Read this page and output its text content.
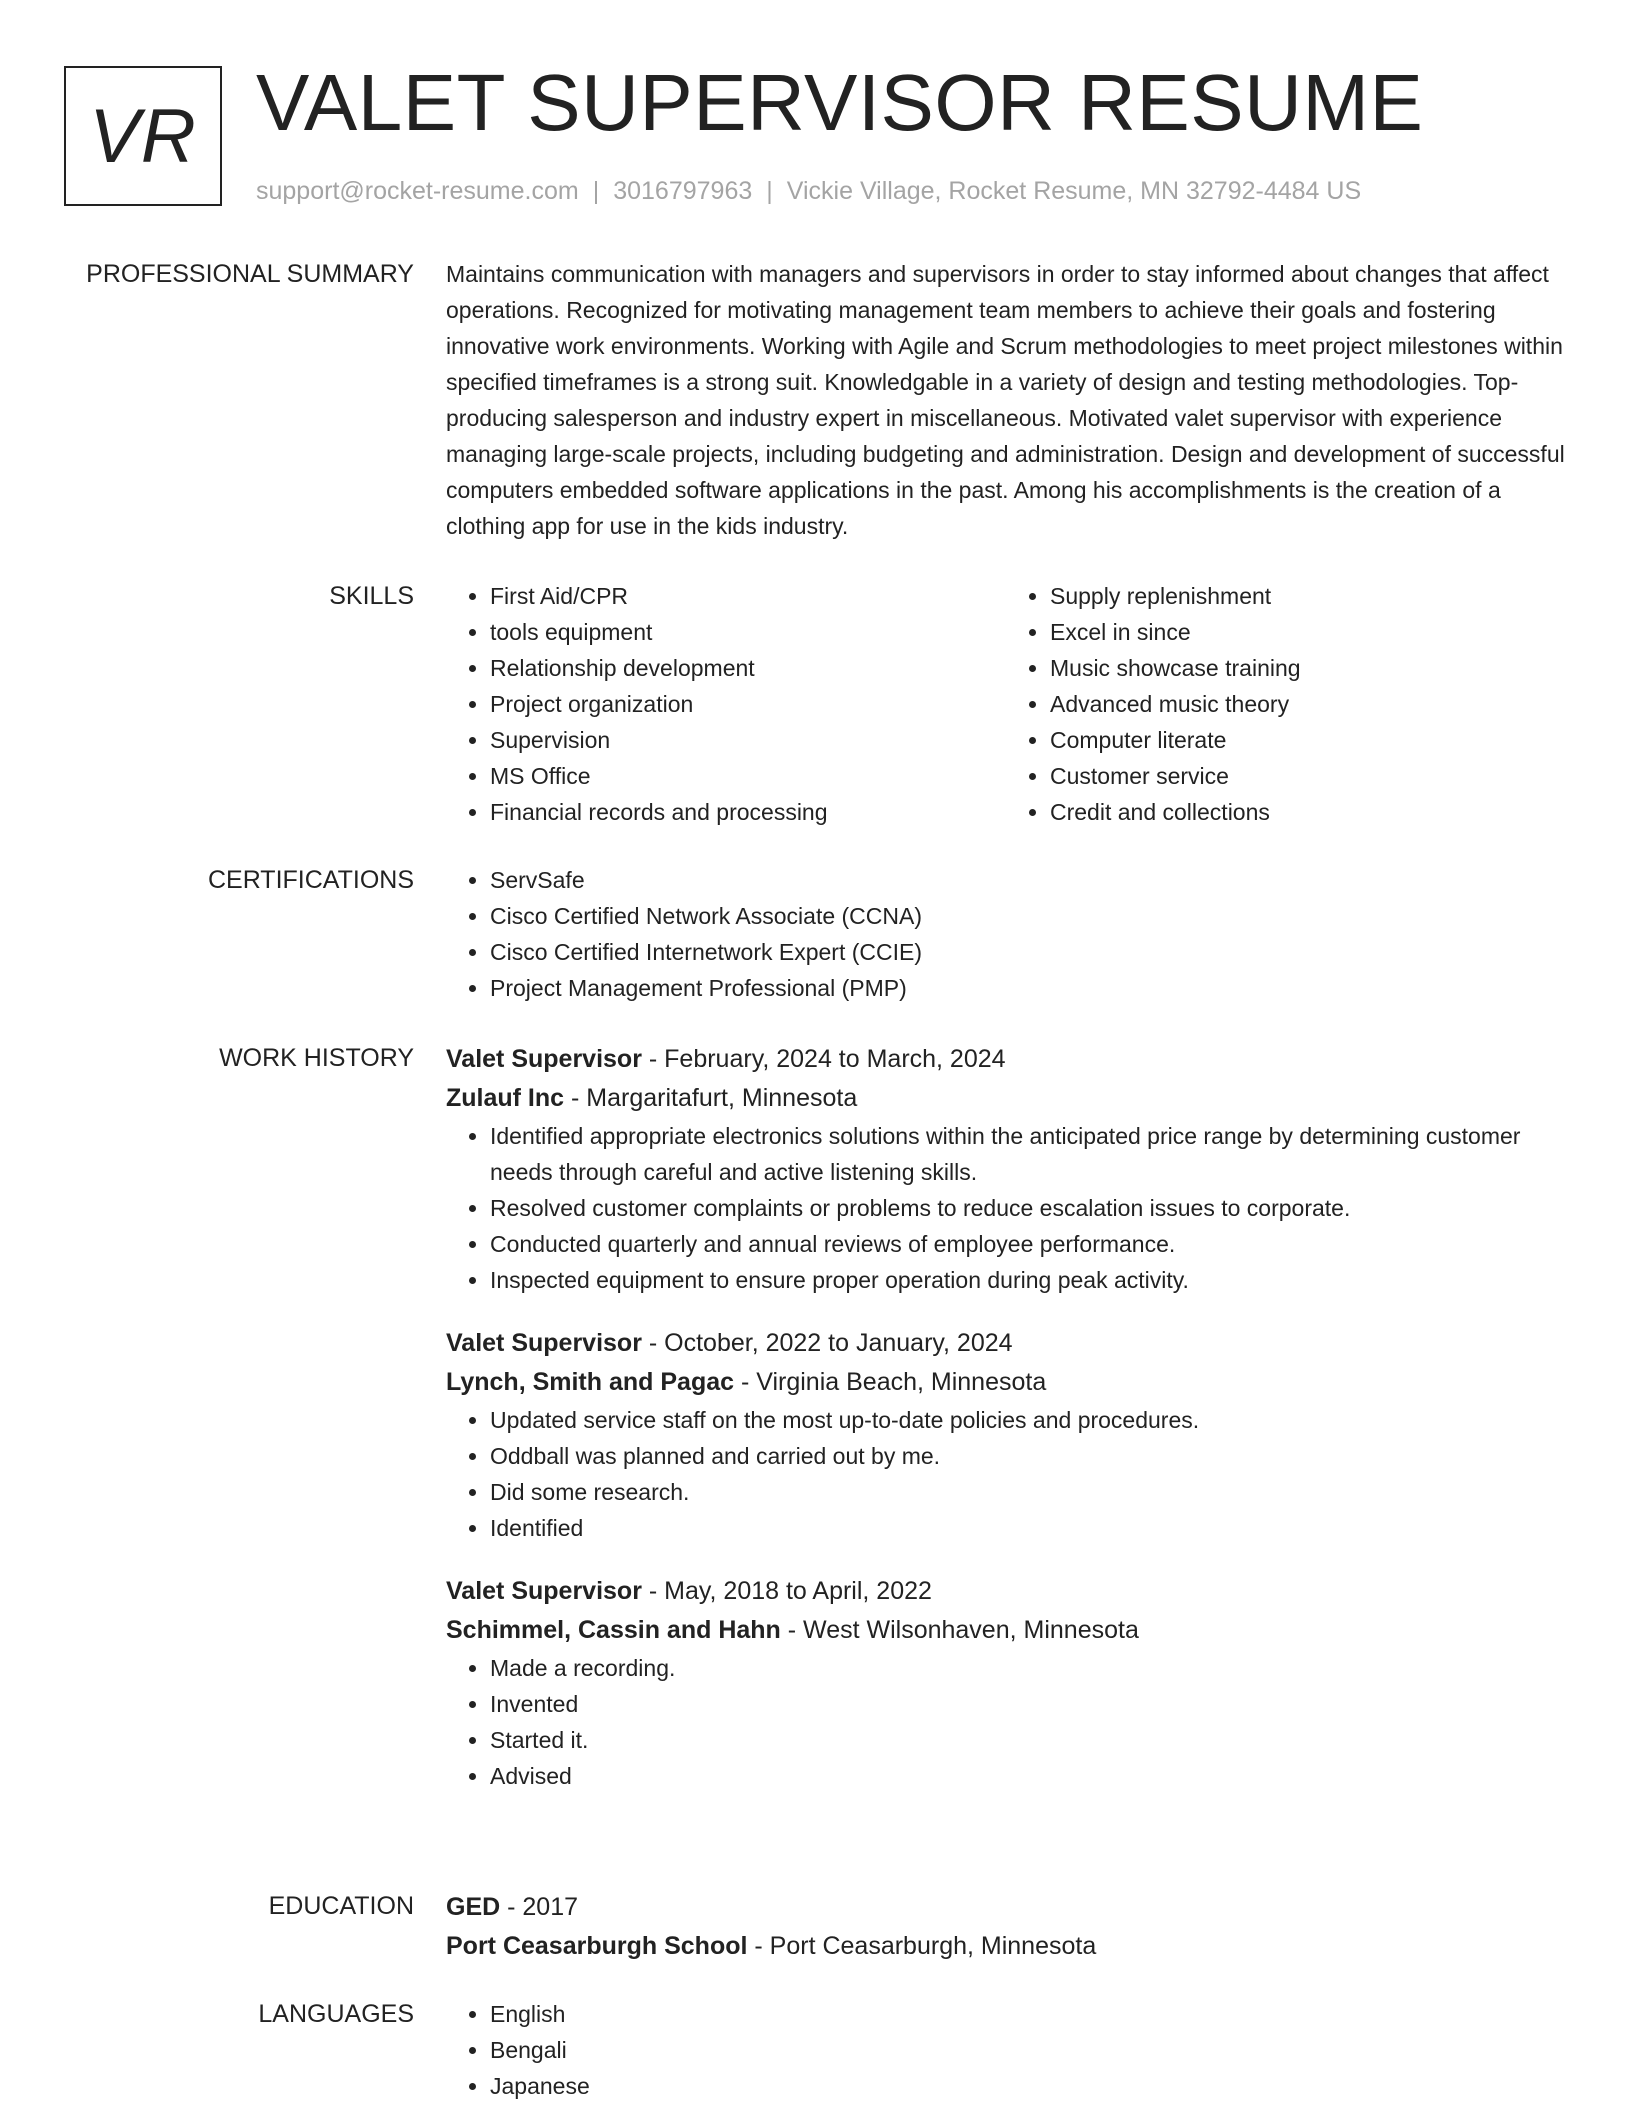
VR VALET SUPERVISOR RESUME
support@rocket-resume.com | 3016797963 | Vickie Village, Rocket Resume, MN 32792-4484 US
PROFESSIONAL SUMMARY Maintains communication with managers and supervisors in order to stay informed about changes that affect operations. Recognized for motivating management team members to achieve their goals and fostering innovative work environments. Working with Agile and Scrum methodologies to meet project milestones within specified timeframes is a strong suit. Knowledgable in a variety of design and testing methodologies. Top-producing salesperson and industry expert in miscellaneous. Motivated valet supervisor with experience managing large-scale projects, including budgeting and administration. Design and development of successful computers embedded software applications in the past. Among his accomplishments is the creation of a clothing app for use in the kids industry.

SKILLS	• First Aid/CPR
• tools equipment
• Relationship development
• Project organization
• Supervision
• MS Office
• Financial records and processing
• Supply replenishment
• Excel in since
• Music showcase training
• Advanced music theory
• Computer literate
• Customer service
• Credit and collections
CERTIFICATIONS	• ServSafe
• Cisco Certified Network Associate (CCNA)
• Cisco Certified Internetwork Expert (CCIE)
• Project Management Professional (PMP)
WORK HISTORY Valet Supervisor - February, 2024 to March, 2024
Zulauf Inc - Margaritafurt, Minnesota
• Identified appropriate electronics solutions within the anticipated price range by determining customer needs through careful and active listening skills.
• Resolved customer complaints or problems to reduce escalation issues to corporate.
• Conducted quarterly and annual reviews of employee performance.
• Inspected equipment to ensure proper operation during peak activity.
Valet Supervisor - October, 2022 to January, 2024
Lynch, Smith and Pagac - Virginia Beach, Minnesota
• Updated service staff on the most up-to-date policies and procedures.
• Oddball was planned and carried out by me.
• Did some research.
• Identified
Valet Supervisor - May, 2018 to April, 2022
Schimmel, Cassin and Hahn - West Wilsonhaven, Minnesota
• Made a recording.
• Invented
• Started it.
• Advised
EDUCATION GED - 2017
Port Ceasarburgh School - Port Ceasarburgh, Minnesota
LANGUAGES	• English
• Bengali
• Japanese
